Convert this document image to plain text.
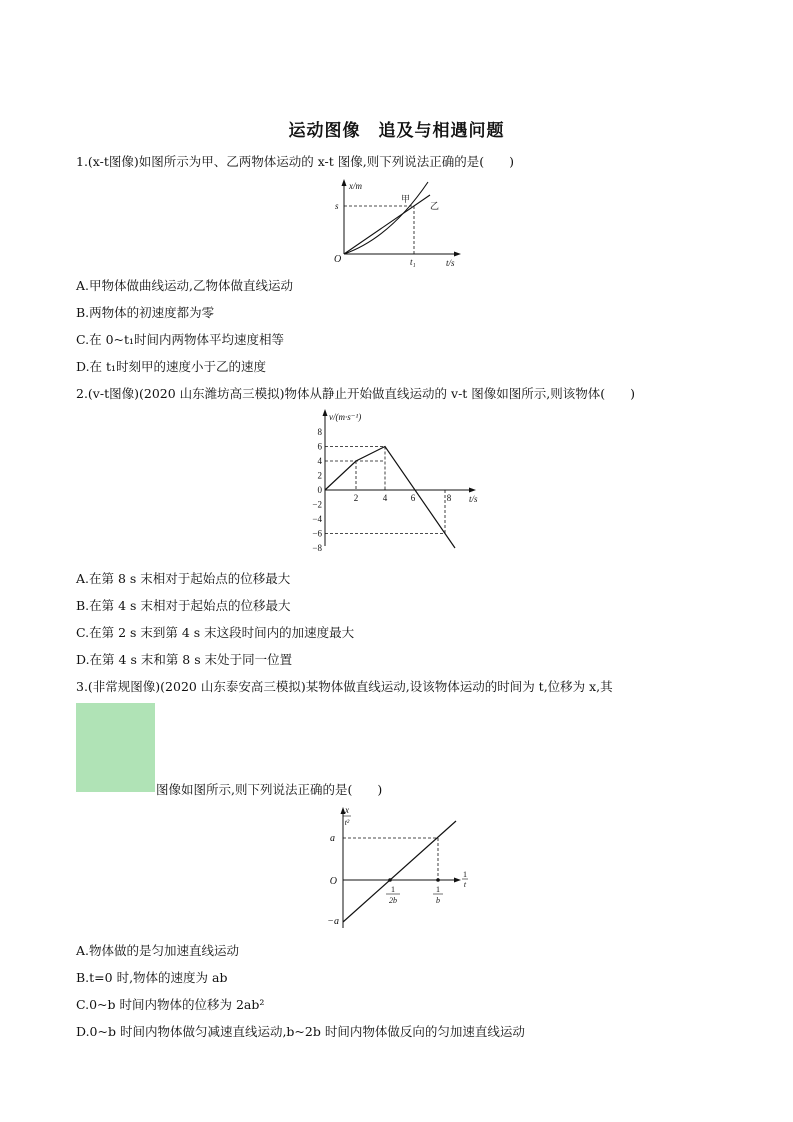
运动图像　追及与相遇问题
1.(x-t图像)如图所示为甲、乙两物体运动的 x-t 图像,则下列说法正确的是(　　)
x/m
t/s
O
s
t₁
甲
乙
A.甲物体做曲线运动,乙物体做直线运动
B.两物体的初速度都为零
C.在 0~t₁时间内两物体平均速度相等
D.在 t₁时刻甲的速度小于乙的速度
2.(v-t图像)(2020 山东潍坊高三模拟)物体从静止开始做直线运动的 v-t 图像如图所示,则该物体(　　)
8
6
4
2
0
−2
−4
−6
−8
2	4	6	8
v/(m·s⁻¹)
t/s
A.在第 8 s 末相对于起始点的位移最大
B.在第 4 s 末相对于起始点的位移最大
C.在第 2 s 末到第 4 s 末这段时间内的加速度最大
D.在第 4 s 末和第 8 s 末处于同一位置
3.(非常规图像)(2020 山东泰安高三模拟)某物体做直线运动,设该物体运动的时间为 t,位移为 x,其
图像如图所示,则下列说法正确的是(　　)
x
t²
1
t
a
−a
O
1
2b
1
b
A.物体做的是匀加速直线运动
B.t=0 时,物体的速度为 ab
C.0~b 时间内物体的位移为 2ab²
D.0~b 时间内物体做匀减速直线运动,b~2b 时间内物体做反向的匀加速直线运动
